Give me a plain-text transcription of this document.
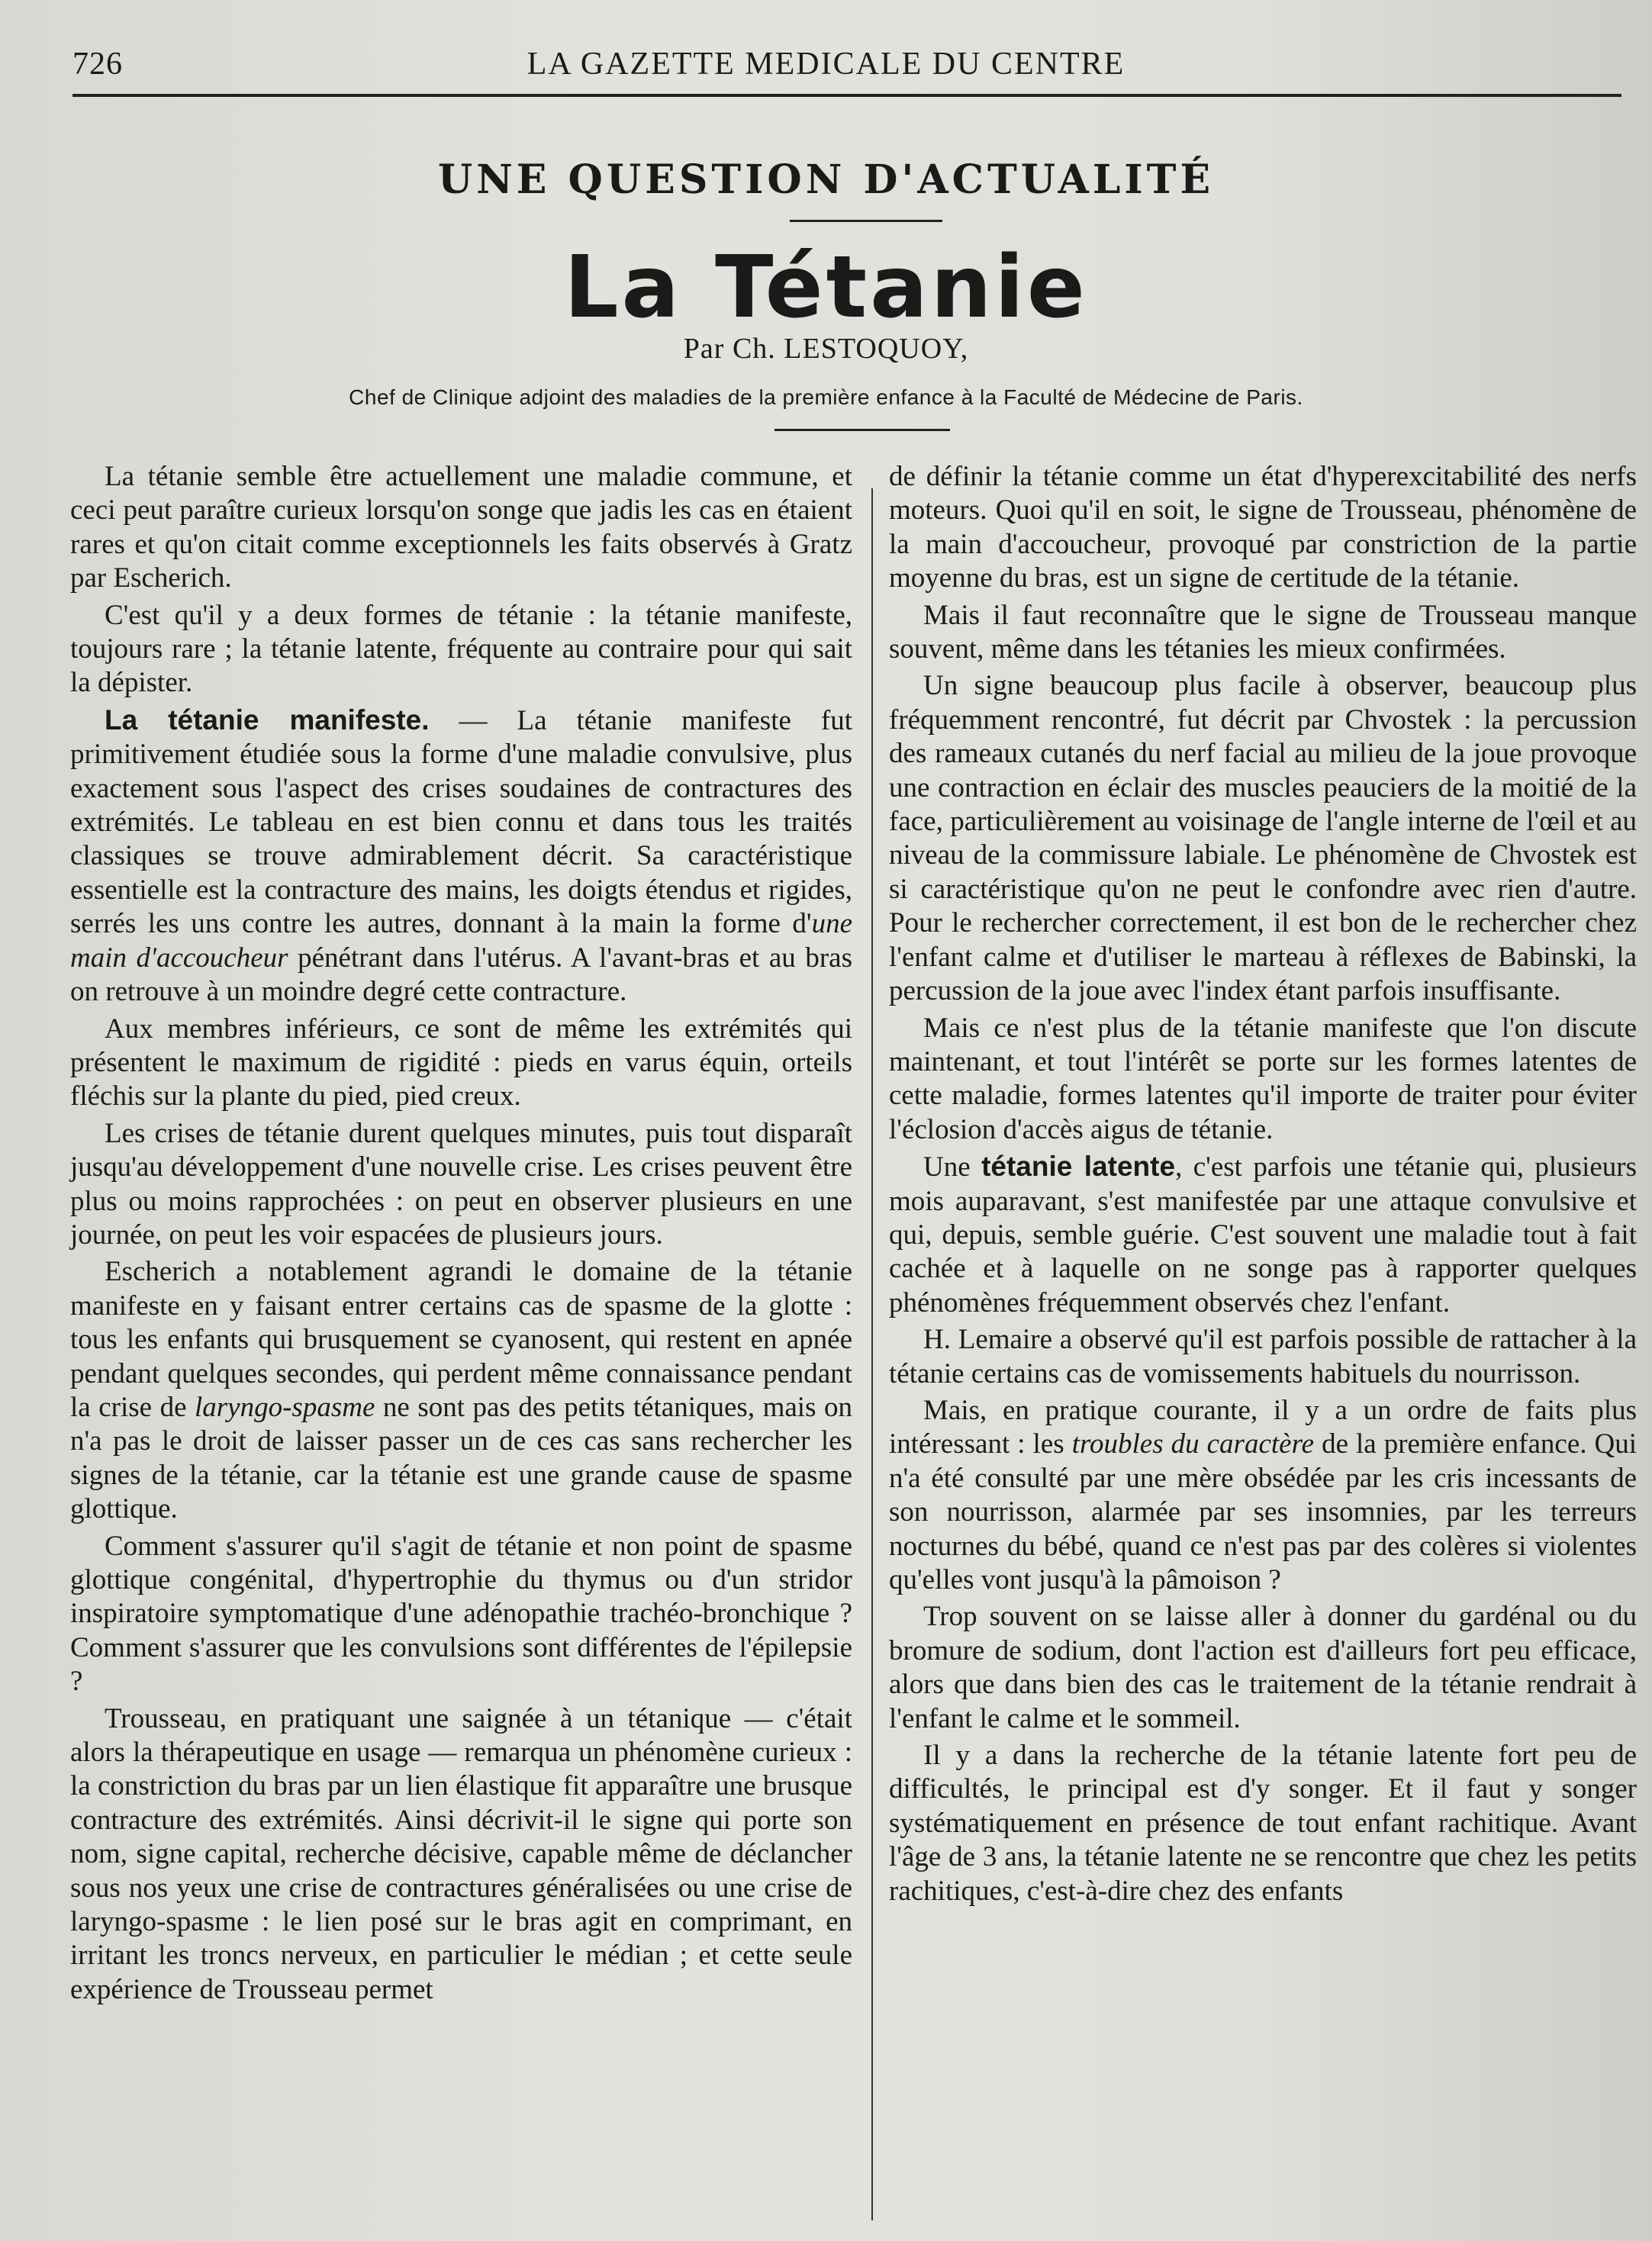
726	LA GAZETTE MEDICALE DU CENTRE
UNE QUESTION D'ACTUALITÉ
La Tétanie
Par Ch. LESTOQUOY,
Chef de Clinique adjoint des maladies de la première enfance à la Faculté de Médecine de Paris.

La tétanie semble être actuellement une maladie commune, et ceci peut paraître curieux lorsqu'on songe que jadis les cas en étaient rares et qu'on citait comme exceptionnels les faits observés à Gratz par Escherich.

C'est qu'il y a deux formes de tétanie : la tétanie manifeste, toujours rare ; la tétanie latente, fréquente au contraire pour qui sait la dépister.

La tétanie manifeste. — La tétanie manifeste fut primitivement étudiée sous la forme d'une maladie convulsive, plus exactement sous l'aspect des crises soudaines de contractures des extrémités. Le tableau en est bien connu et dans tous les traités classiques se trouve admirablement décrit. Sa caractéristique essentielle est la contracture des mains, les doigts étendus et rigides, serrés les uns contre les autres, donnant à la main la forme d'une main d'accoucheur pénétrant dans l'utérus. A l'avant-bras et au bras on retrouve à un moindre degré cette contracture.

Aux membres inférieurs, ce sont de même les extrémités qui présentent le maximum de rigidité : pieds en varus équin, orteils fléchis sur la plante du pied, pied creux.

Les crises de tétanie durent quelques minutes, puis tout disparaît jusqu'au développement d'une nouvelle crise. Les crises peuvent être plus ou moins rapprochées : on peut en observer plusieurs en une journée, on peut les voir espacées de plusieurs jours.

Escherich a notablement agrandi le domaine de la tétanie manifeste en y faisant entrer certains cas de spasme de la glotte : tous les enfants qui brusquement se cyanosent, qui restent en apnée pendant quelques secondes, qui perdent même connaissance pendant la crise de laryngo-spasme ne sont pas des petits tétaniques, mais on n'a pas le droit de laisser passer un de ces cas sans rechercher les signes de la tétanie, car la tétanie est une grande cause de spasme glottique.

Comment s'assurer qu'il s'agit de tétanie et non point de spasme glottique congénital, d'hypertrophie du thymus ou d'un stridor inspiratoire symptomatique d'une adénopathie trachéo-bronchique ? Comment s'assurer que les convulsions sont différentes de l'épilepsie ?

Trousseau, en pratiquant une saignée à un tétanique — c'était alors la thérapeutique en usage — remarqua un phénomène curieux : la constriction du bras par un lien élastique fit apparaître une brusque contracture des extrémités. Ainsi décrivit-il le signe qui porte son nom, signe capital, recherche décisive, capable même de déclancher sous nos yeux une crise de contractures généralisées ou une crise de laryngo-spasme : le lien posé sur le bras agit en comprimant, en irritant les troncs nerveux, en particulier le médian ; et cette seule expérience de Trousseau permet

de définir la tétanie comme un état d'hyperexcitabilité des nerfs moteurs. Quoi qu'il en soit, le signe de Trousseau, phénomène de la main d'accoucheur, provoqué par constriction de la partie moyenne du bras, est un signe de certitude de la tétanie.

Mais il faut reconnaître que le signe de Trousseau manque souvent, même dans les tétanies les mieux confirmées.

Un signe beaucoup plus facile à observer, beaucoup plus fréquemment rencontré, fut décrit par Chvostek : la percussion des rameaux cutanés du nerf facial au milieu de la joue provoque une contraction en éclair des muscles peauciers de la moitié de la face, particulièrement au voisinage de l'angle interne de l'œil et au niveau de la commissure labiale. Le phénomène de Chvostek est si caractéristique qu'on ne peut le confondre avec rien d'autre. Pour le rechercher correctement, il est bon de le rechercher chez l'enfant calme et d'utiliser le marteau à réflexes de Babinski, la percussion de la joue avec l'index étant parfois insuffisante.

Mais ce n'est plus de la tétanie manifeste que l'on discute maintenant, et tout l'intérêt se porte sur les formes latentes de cette maladie, formes latentes qu'il importe de traiter pour éviter l'éclosion d'accès aigus de tétanie.

Une tétanie latente, c'est parfois une tétanie qui, plusieurs mois auparavant, s'est manifestée par une attaque convulsive et qui, depuis, semble guérie. C'est souvent une maladie tout à fait cachée et à laquelle on ne songe pas à rapporter quelques phénomènes fréquemment observés chez l'enfant.

H. Lemaire a observé qu'il est parfois possible de rattacher à la tétanie certains cas de vomissements habituels du nourrisson.

Mais, en pratique courante, il y a un ordre de faits plus intéressant : les troubles du caractère de la première enfance. Qui n'a été consulté par une mère obsédée par les cris incessants de son nourrisson, alarmée par ses insomnies, par les terreurs nocturnes du bébé, quand ce n'est pas par des colères si violentes qu'elles vont jusqu'à la pâmoison ?

Trop souvent on se laisse aller à donner du gardénal ou du bromure de sodium, dont l'action est d'ailleurs fort peu efficace, alors que dans bien des cas le traitement de la tétanie rendrait à l'enfant le calme et le sommeil.

Il y a dans la recherche de la tétanie latente fort peu de difficultés, le principal est d'y songer. Et il faut y songer systématiquement en présence de tout enfant rachitique. Avant l'âge de 3 ans, la tétanie latente ne se rencontre que chez les petits rachitiques, c'est-à-dire chez des enfants
